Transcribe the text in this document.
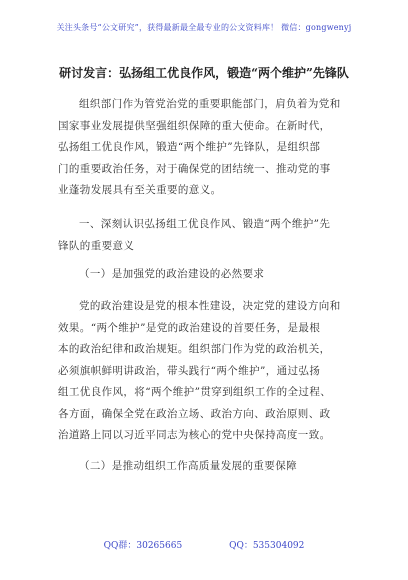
关注头条号“公文研究”，获得最新最全最专业的公文资料库！ 微信：gongwenyj
研讨发言：弘扬组工优良作风，锻造“两个维护”先锋队
组织部门作为管党治党的重要职能部门，肩负着为党和
国家事业发展提供坚强组织保障的重大使命。在新时代，
弘扬组工优良作风，锻造“两个维护”先锋队，是组织部
门的重要政治任务，对于确保党的团结统一、推动党的事
业蓬勃发展具有至关重要的意义。
一、深刻认识弘扬组工优良作风、锻造“两个维护”先
锋队的重要意义
（一）是加强党的政治建设的必然要求
党的政治建设是党的根本性建设，决定党的建设方向和
效果。“两个维护”是党的政治建设的首要任务，是最根
本的政治纪律和政治规矩。组织部门作为党的政治机关，
必须旗帜鲜明讲政治，带头践行“两个维护”，通过弘扬
组工优良作风，将“两个维护”贯穿到组织工作的全过程、
各方面，确保全党在政治立场、政治方向、政治原则、政
治道路上同以习近平同志为核心的党中央保持高度一致。
（二）是推动组织工作高质量发展的重要保障
QQ群：30265665	QQ：535304092
